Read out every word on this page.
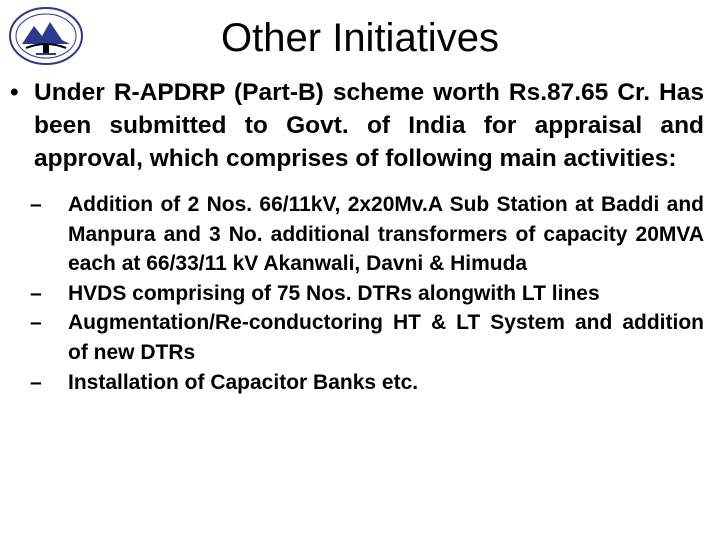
Other Initiatives
• Under R-APDRP (Part-B) scheme worth Rs.87.65 Cr. Has been submitted to Govt. of India for appraisal and approval, which comprises of following main activities:
–	Addition of 2 Nos. 66/11kV, 2x20Mv.A Sub Station at Baddi and Manpura and 3 No. additional transformers of capacity 20MVA each at 66/33/11 kV Akanwali, Davni & Himuda
–	HVDS comprising of 75 Nos. DTRs alongwith LT lines
–	Augmentation/Re-conductoring HT & LT System and addition of new DTRs
–	Installation of Capacitor Banks etc.
